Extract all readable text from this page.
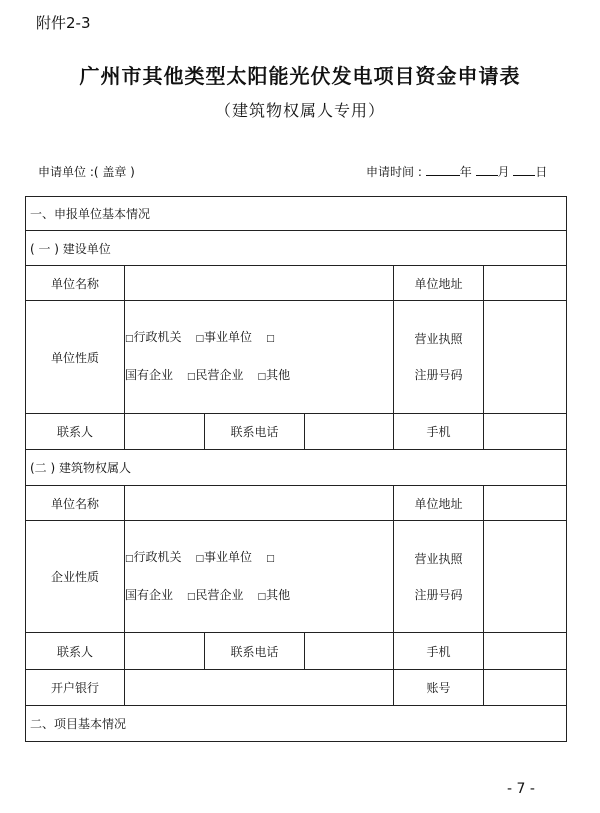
附件2-3
广州市其他类型太阳能光伏发电项目资金申请表
（建筑物权属人专用）
申请单位 :( 盖章 )	申请时间 :	年 月 日
一、申报单位基本情况					
( 一 ) 建设单位					
单位名称				单位地址	
单位性质	□行政机关 □事业单位 □
国有企业 □民营企业 □其他			营业执照
注册号码	
联系人		联系电话		手机	
(二 ) 建筑物权属人					
单位名称				单位地址	
企业性质	□行政机关 □事业单位 □
国有企业 □民营企业 □其他			营业执照
注册号码	
联系人		联系电话		手机	
开户银行				账号	
二、项目基本情况					
- 7 -
